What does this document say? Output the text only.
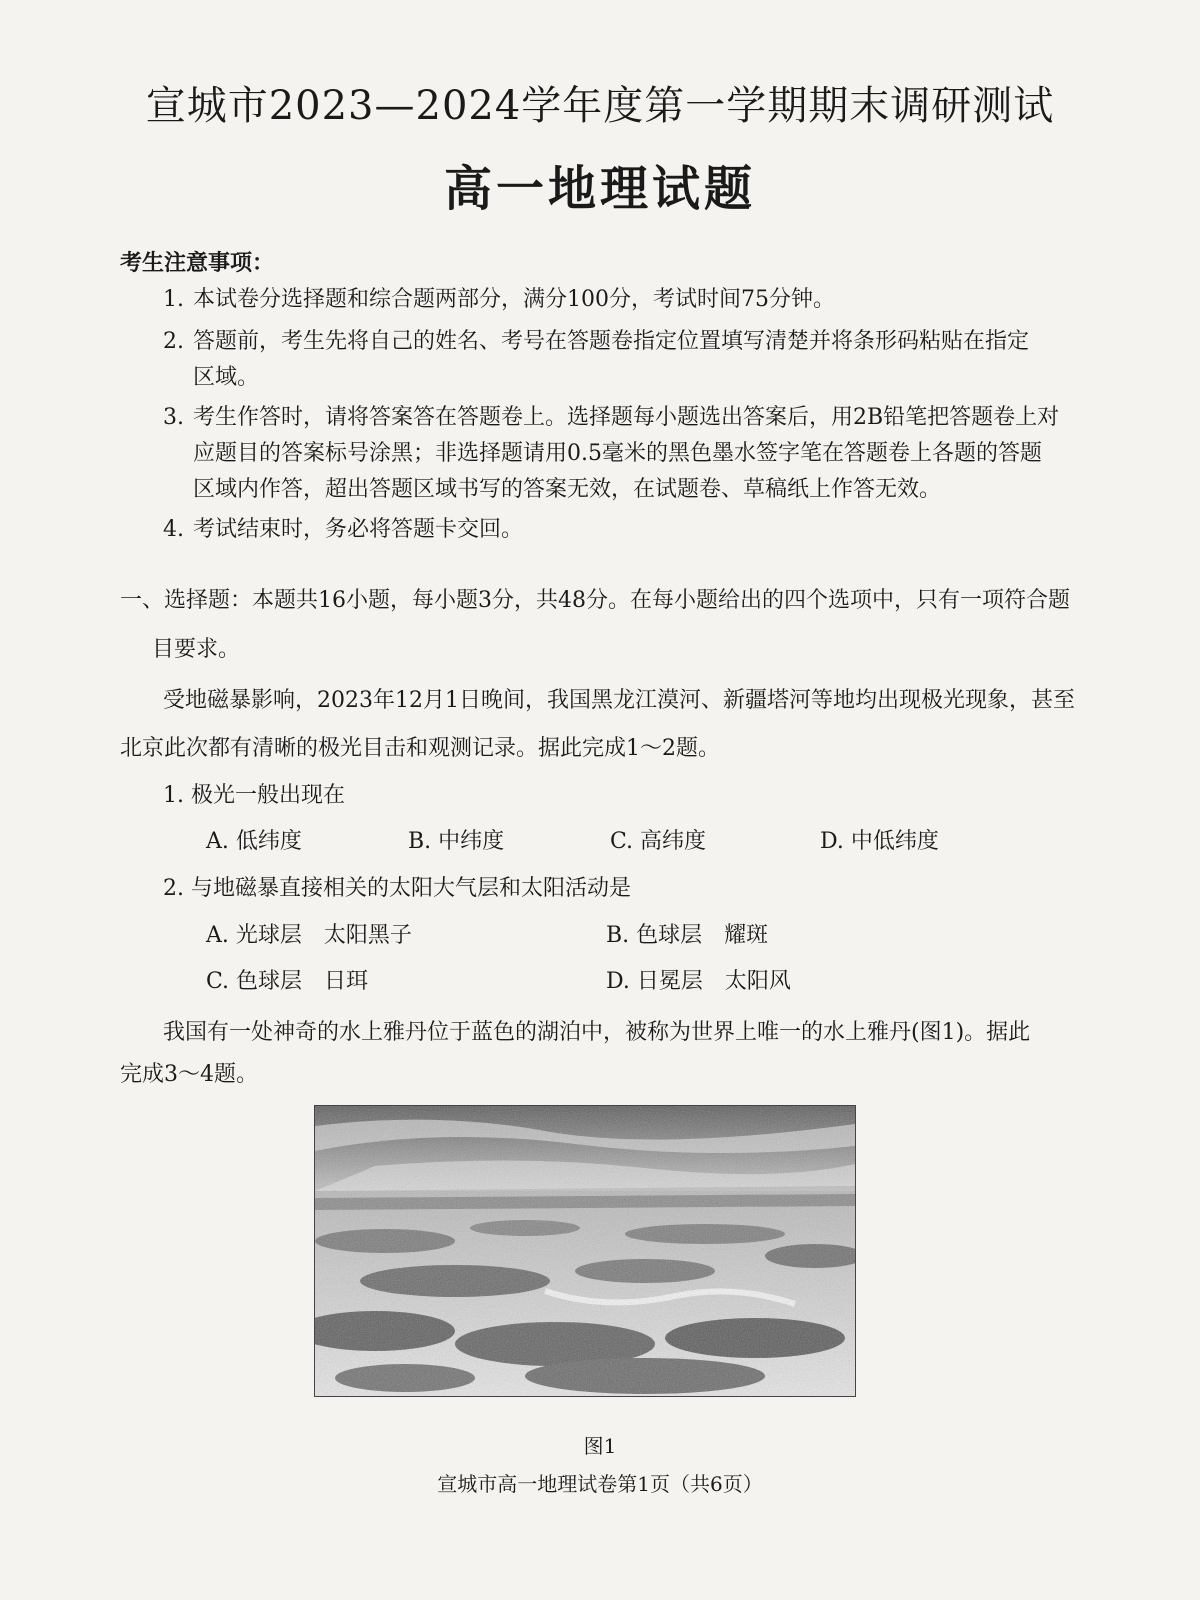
宣城市2023—2024学年度第一学期期末调研测试
高一地理试题
考生注意事项：
1. 本试卷分选择题和综合题两部分，满分100分，考试时间75分钟。
2. 答题前，考生先将自己的姓名、考号在答题卷指定位置填写清楚并将条形码粘贴在指定
区域。
3. 考生作答时，请将答案答在答题卷上。选择题每小题选出答案后，用2B铅笔把答题卷上对
应题目的答案标号涂黑；非选择题请用0.5毫米的黑色墨水签字笔在答题卷上各题的答题
区域内作答，超出答题区域书写的答案无效，在试题卷、草稿纸上作答无效。
4. 考试结束时，务必将答题卡交回。
一、选择题：本题共16小题，每小题3分，共48分。在每小题给出的四个选项中，只有一项符合题
目要求。
受地磁暴影响，2023年12月1日晚间，我国黑龙江漠河、新疆塔河等地均出现极光现象，甚至
北京此次都有清晰的极光目击和观测记录。据此完成1～2题。
1. 极光一般出现在
A. 低纬度	B. 中纬度	C. 高纬度	D. 中低纬度
2. 与地磁暴直接相关的太阳大气层和太阳活动是
A. 光球层　太阳黑子	B. 色球层　耀斑
C. 色球层　日珥	D. 日冕层　太阳风
我国有一处神奇的水上雅丹位于蓝色的湖泊中，被称为世界上唯一的水上雅丹(图1)。据此
完成3～4题。
图1
宣城市高一地理试卷第1页（共6页）
